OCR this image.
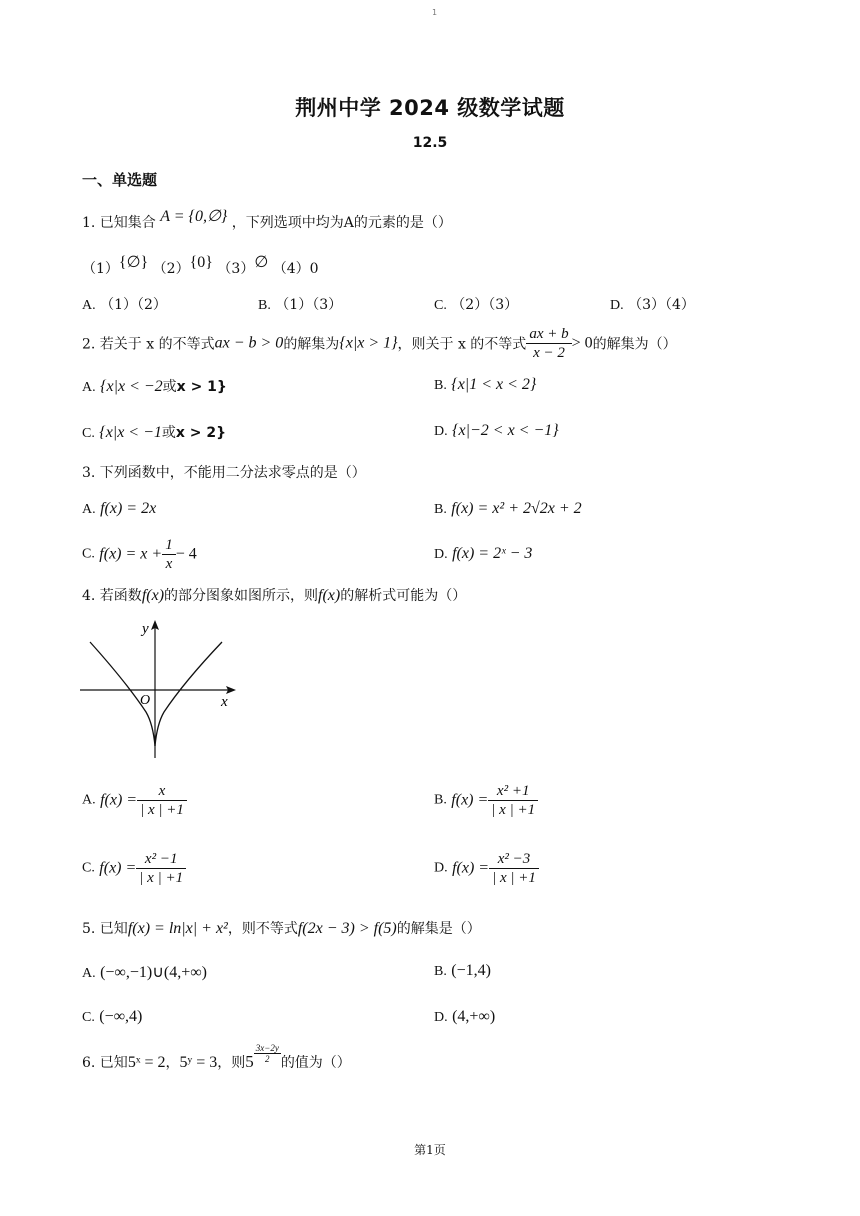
1
荆州中学 2024 级数学试题
12.5
一、单选题
1. 已知集合 A = {0,∅} ，下列选项中均为A的元素的是（）
（1）{∅} （2）{0} （3）∅ （4）0
A. （1）（2）	B. （1）（3）	C. （2）（3）	D. （3）（4）
2. 若关于 x 的不等式ax − b > 0的解集为{x|x > 1}，则关于 x 的不等式 $\frac{ax + b}{x - 2} > 0$的解集为（）
A. {x|x < −2或x > 1}	B. {x|1 < x < 2}
C. {x|x < −1或x > 2}	D. {x|−2 < x < −1}
3. 下列函数中，不能用二分法求零点的是（）
A. f(x) = 2x	B. f(x) = x² + 2√2x + 2
C. $f(x) = x + \frac{1}{x} - 4$	D. f(x) = 2ˣ − 3
4. 若函数f(x)的部分图象如图所示，则f(x)的解析式可能为（）
y
x
O
A. $f(x) = \frac{x}{| x | +1}$	B. $f(x) = \frac{\text{x² +1}}{| x | +1}$
C. $f(x) = \frac{\text{x² −1}}{| x | +1}$	D. $f(x) = \frac{\text{x² −3}}{| x | +1}$
5. 已知f(x) = ln|x| + x²，则不等式f(2x − 3) > f(5)的解集是（）
A. (−∞,−1)∪(4,+∞)	B. (−1,4)
C. (−∞,4)	D. (4,+∞)
6. 已知5ˣ = 2，5ʸ = 3，则$5 \frac{3x-2y}{2}$ 的值为（）
第1页
